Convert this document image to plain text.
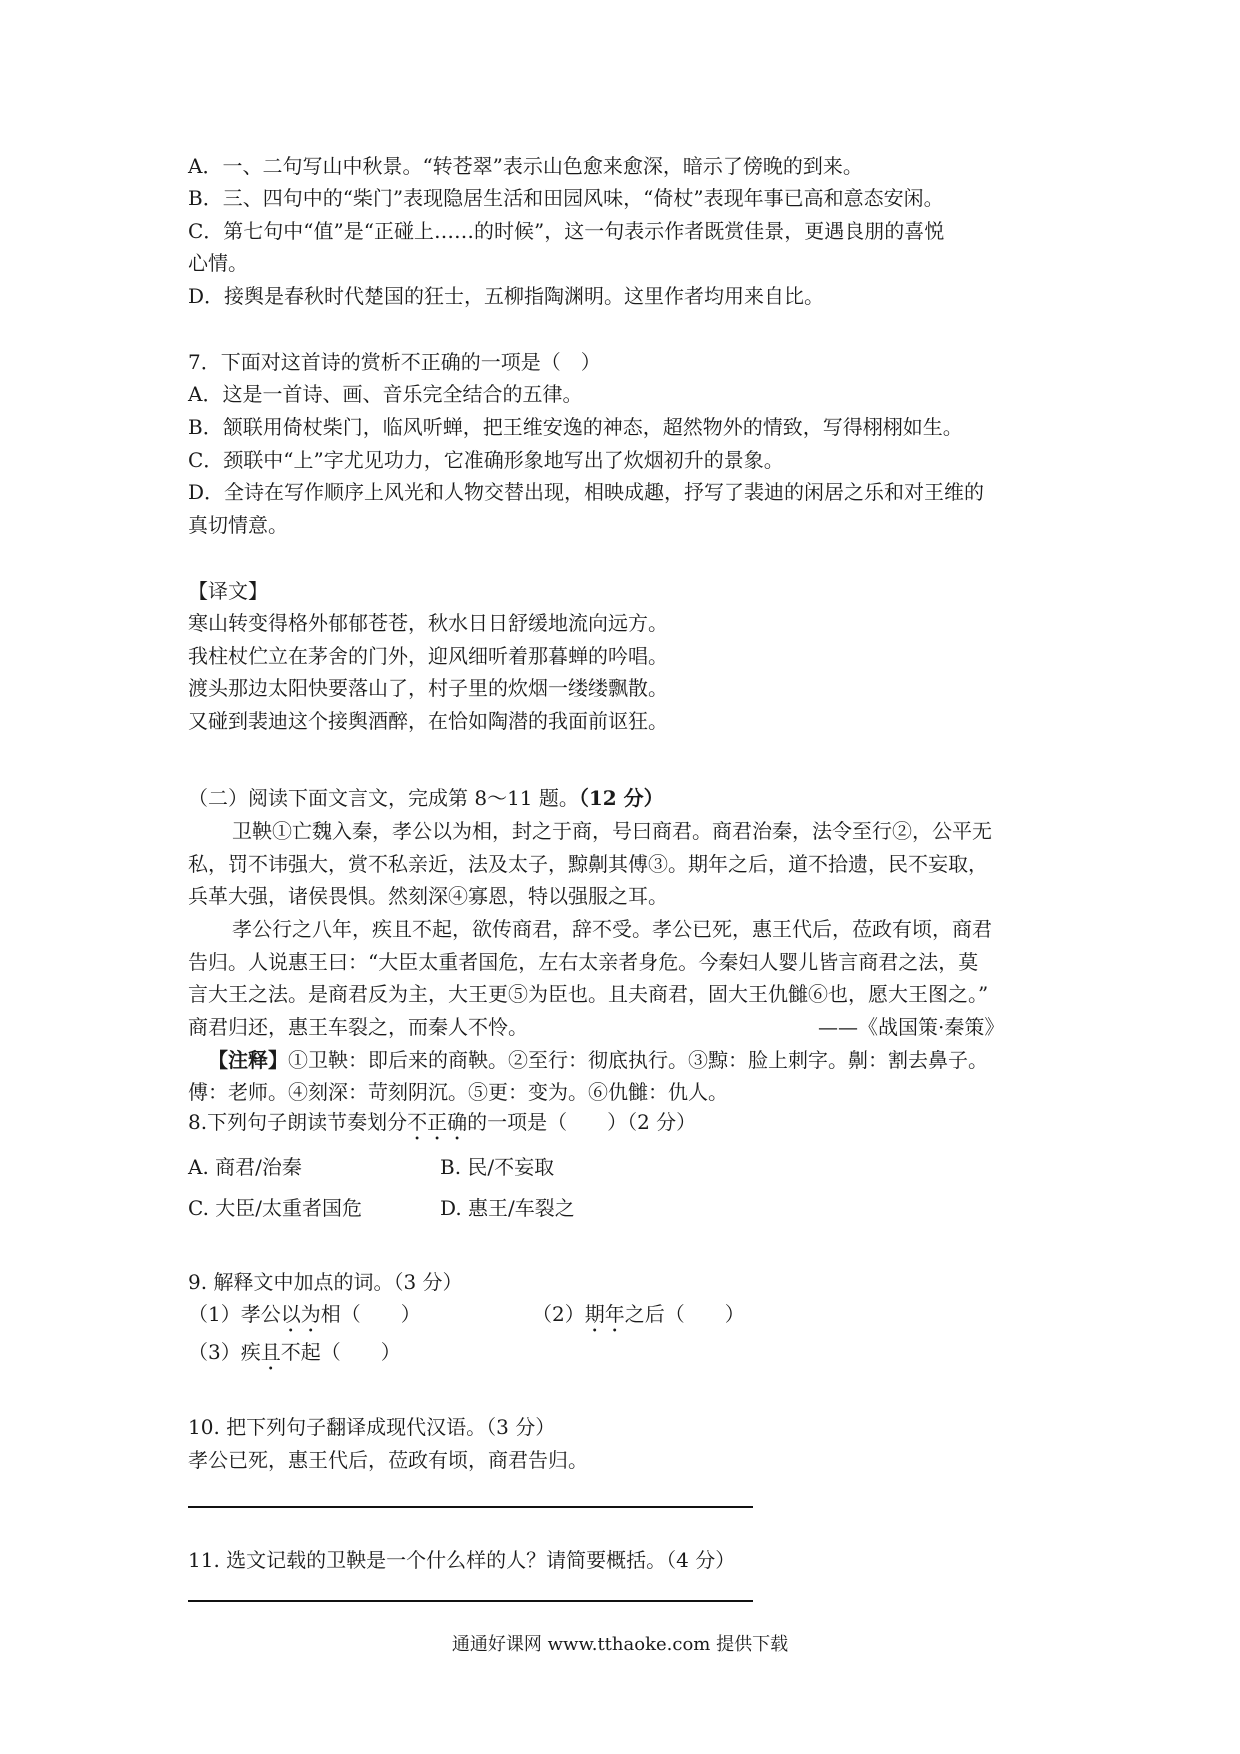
A．一、二句写山中秋景。“转苍翠”表示山色愈来愈深，暗示了傍晚的到来。
B．三、四句中的“柴门”表现隐居生活和田园风味，“倚杖”表现年事已高和意态安闲。
C．第七句中“值”是“正碰上……的时候”，这一句表示作者既赏佳景，更遇良朋的喜悦
心情。
D．接舆是春秋时代楚国的狂士，五柳指陶渊明。这里作者均用来自比。
7．下面对这首诗的赏析不正确的一项是（　）
A．这是一首诗、画、音乐完全结合的五律。
B．颔联用倚杖柴门，临风听蝉，把王维安逸的神态，超然物外的情致，写得栩栩如生。
C．颈联中“上”字尤见功力，它准确形象地写出了炊烟初升的景象。
D．全诗在写作顺序上风光和人物交替出现，相映成趣，抒写了裴迪的闲居之乐和对王维的
真切情意。
【译文】
寒山转变得格外郁郁苍苍，秋水日日舒缓地流向远方。
我柱杖伫立在茅舍的门外，迎风细听着那暮蝉的吟唱。
渡头那边太阳快要落山了，村子里的炊烟一缕缕飘散。
又碰到裴迪这个接舆酒醉，在恰如陶潜的我面前讴狂。
（二）阅读下面文言文，完成第 8～11 题。（12 分）
卫鞅①亡魏入秦，孝公以为相，封之于商，号曰商君。商君治秦，法令至行②，公平无
私，罚不讳强大，赏不私亲近，法及太子，黥劓其傅③。期年之后，道不拾遗，民不妄取，
兵革大强，诸侯畏惧。然刻深④寡恩，特以强服之耳。
孝公行之八年，疾且不起，欲传商君，辞不受。孝公已死，惠王代后，莅政有顷，商君
告归。人说惠王曰：“大臣太重者国危，左右太亲者身危。今秦妇人婴儿皆言商君之法，莫
言大王之法。是商君反为主，大王更⑤为臣也。且夫商君，固大王仇雠⑥也，愿大王图之。”
商君归还，惠王车裂之，而秦人不怜。	——《战国策·秦策》
【注释】①卫鞅：即后来的商鞅。②至行：彻底执行。③黥：脸上刺字。劓：割去鼻子。
傅：老师。④刻深：苛刻阴沉。⑤更：变为。⑥仇雠：仇人。
8.下列句子朗读节奏划分不正确的一项是（　　）（2 分）
A. 商君/治秦	B. 民/不妄取
C. 大臣/太重者国危	D. 惠王/车裂之
9. 解释文中加点的词。（3 分）
（1）孝公以为相（　　）	（2）期年之后（　　）
（3）疾且不起（　　）
10. 把下列句子翻译成现代汉语。（3 分）
孝公已死，惠王代后，莅政有顷，商君告归。
11. 选文记载的卫鞅是一个什么样的人？请简要概括。（4 分）
通通好课网 www.tthaoke.com 提供下载
